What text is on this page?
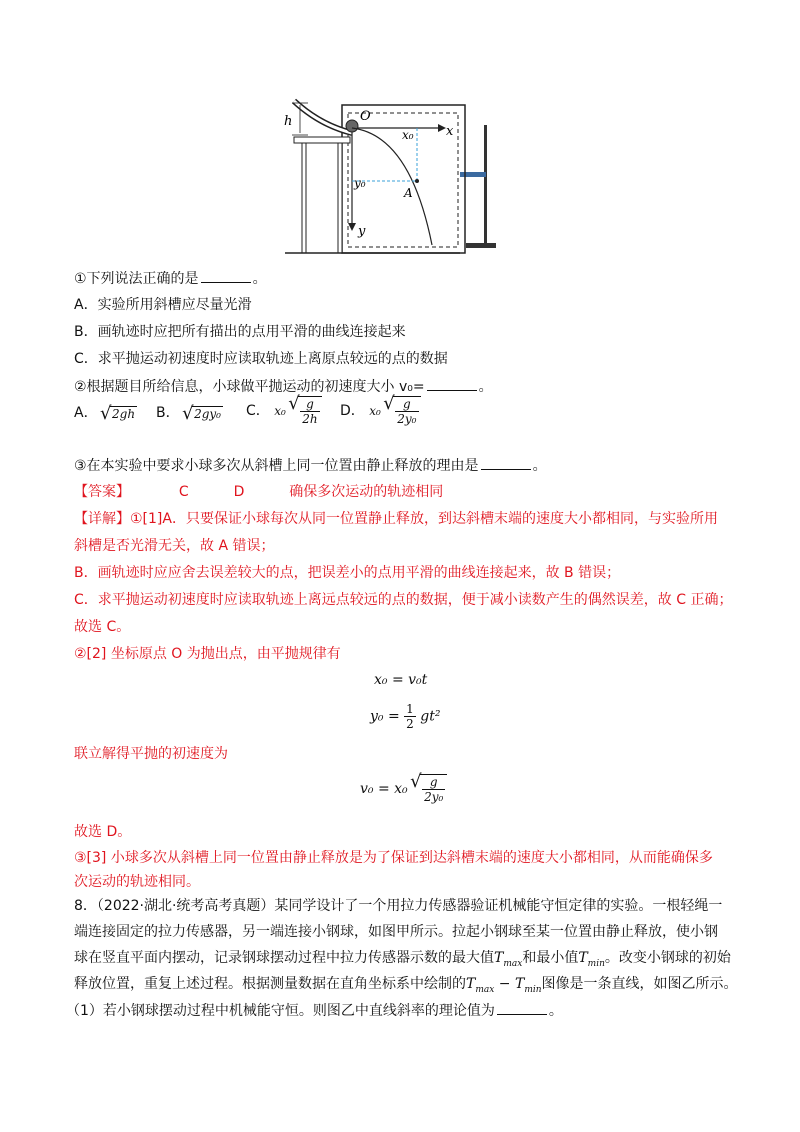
h	O
x
x₀
y₀
A
y
①下列说法正确的是	。
A．实验所用斜槽应尽量光滑
B．画轨迹时应把所有描出的点用平滑的曲线连接起来
C．求平抛运动初速度时应读取轨迹上离原点较远的点的数据
②根据题目所给信息，小球做平抛运动的初速度大小 v₀=	。
A． √ 2gh B． √ 2gy₀ C． x₀ √ $\frac{g}{2h}$ D． x₀ √ $\frac{g}{\text{2y₀}}$
③在本实验中要求小球多次从斜槽上同一位置由静止释放的理由是	。
【答案】	C	D	确保多次运动的轨迹相同
【详解】①[1]A．只要保证小球每次从同一位置静止释放，到达斜槽末端的速度大小都相同，与实验所用
斜槽是否光滑无关，故 A 错误；
B．画轨迹时应应舍去误差较大的点，把误差小的点用平滑的曲线连接起来，故 B 错误；
C．求平抛运动初速度时应读取轨迹上离远点较远的点的数据，便于减小读数产生的偶然误差，故 C 正确；
故选 C。
②[2] 坐标原点 O 为抛出点，由平抛规律有
x₀ = v₀t
$y_0 = \frac{1}{2} gt^2$
联立解得平抛的初速度为
v₀ = x₀ √ $\frac{g}{\text{2y₀}}$
故选 D。
③[3] 小球多次从斜槽上同一位置由静止释放是为了保证到达斜槽末端的速度大小都相同，从而能确保多
次运动的轨迹相同。
8．（2022·湖北·统考高考真题）某同学设计了一个用拉力传感器验证机械能守恒定律的实验。一根轻绳一
端连接固定的拉力传感器，另一端连接小钢球，如图甲所示。拉起小钢球至某一位置由静止释放，使小钢
球在竖直平面内摆动，记录钢球摆动过程中拉力传感器示数的最大值$T_{max}$和最小值$T_{min}$。改变小钢球的初始
释放位置，重复上述过程。根据测量数据在直角坐标系中绘制的$T_{max} - T_{min}$图像是一条直线，如图乙所示。
（1）若小钢球摆动过程中机械能守恒。则图乙中直线斜率的理论值为	。
